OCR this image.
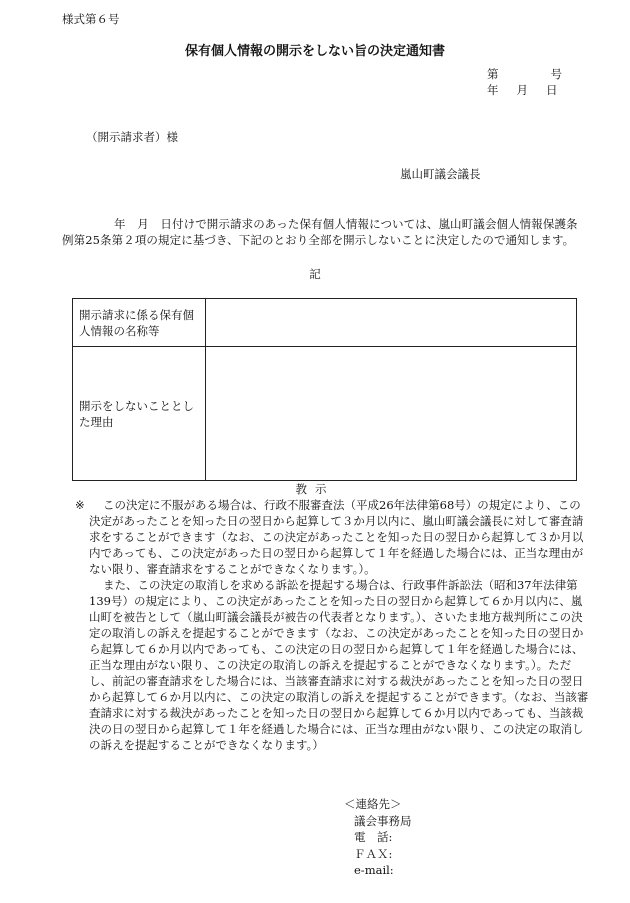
様式第６号
保有個人情報の開示をしない旨の決定通知書
第	号
年 月 日
（開示請求者）様
嵐山町議会議長
年　月　日付けで開示請求のあった保有個人情報については、嵐山町議会個人情報保護条例第25条第２項の規定に基づき、下記のとおり全部を開示しないことに決定したので通知します。
記
開示請求に係る保有個人情報の名称等	
開示をしないこととした理由	
教示
※	この決定に不服がある場合は、行政不服審査法（平成26年法律第68号）の規定により、この決定があったことを知った日の翌日から起算して３か月以内に、嵐山町議会議長に対して審査請求をすることができます（なお、この決定があったことを知った日の翌日から起算して３か月以内であっても、この決定があった日の翌日から起算して１年を経過した場合には、正当な理由がない限り、審査請求をすることができなくなります。）。

また、この決定の取消しを求める訴訟を提起する場合は、行政事件訴訟法（昭和37年法律第139号）の規定により、この決定があったことを知った日の翌日から起算して６か月以内に、嵐山町を被告として（嵐山町議会議長が被告の代表者となります。）、さいたま地方裁判所にこの決定の取消しの訴えを提起することができます（なお、この決定があったことを知った日の翌日から起算して６か月以内であっても、この決定の日の翌日から起算して１年を経過した場合には、正当な理由がない限り、この決定の取消しの訴えを提起することができなくなります。）。ただし、前記の審査請求をした場合には、当該審査請求に対する裁決があったことを知った日の翌日から起算して６か月以内に、この決定の取消しの訴えを提起することができます。（なお、当該審査請求に対する裁決があったことを知った日の翌日から起算して６か月以内であっても、当該裁決の日の翌日から起算して１年を経過した場合には、正当な理由がない限り、この決定の取消しの訴えを提起することができなくなります。）

＜連絡先＞
議会事務局
電　話:
ＦＡＸ:
e-mail:
